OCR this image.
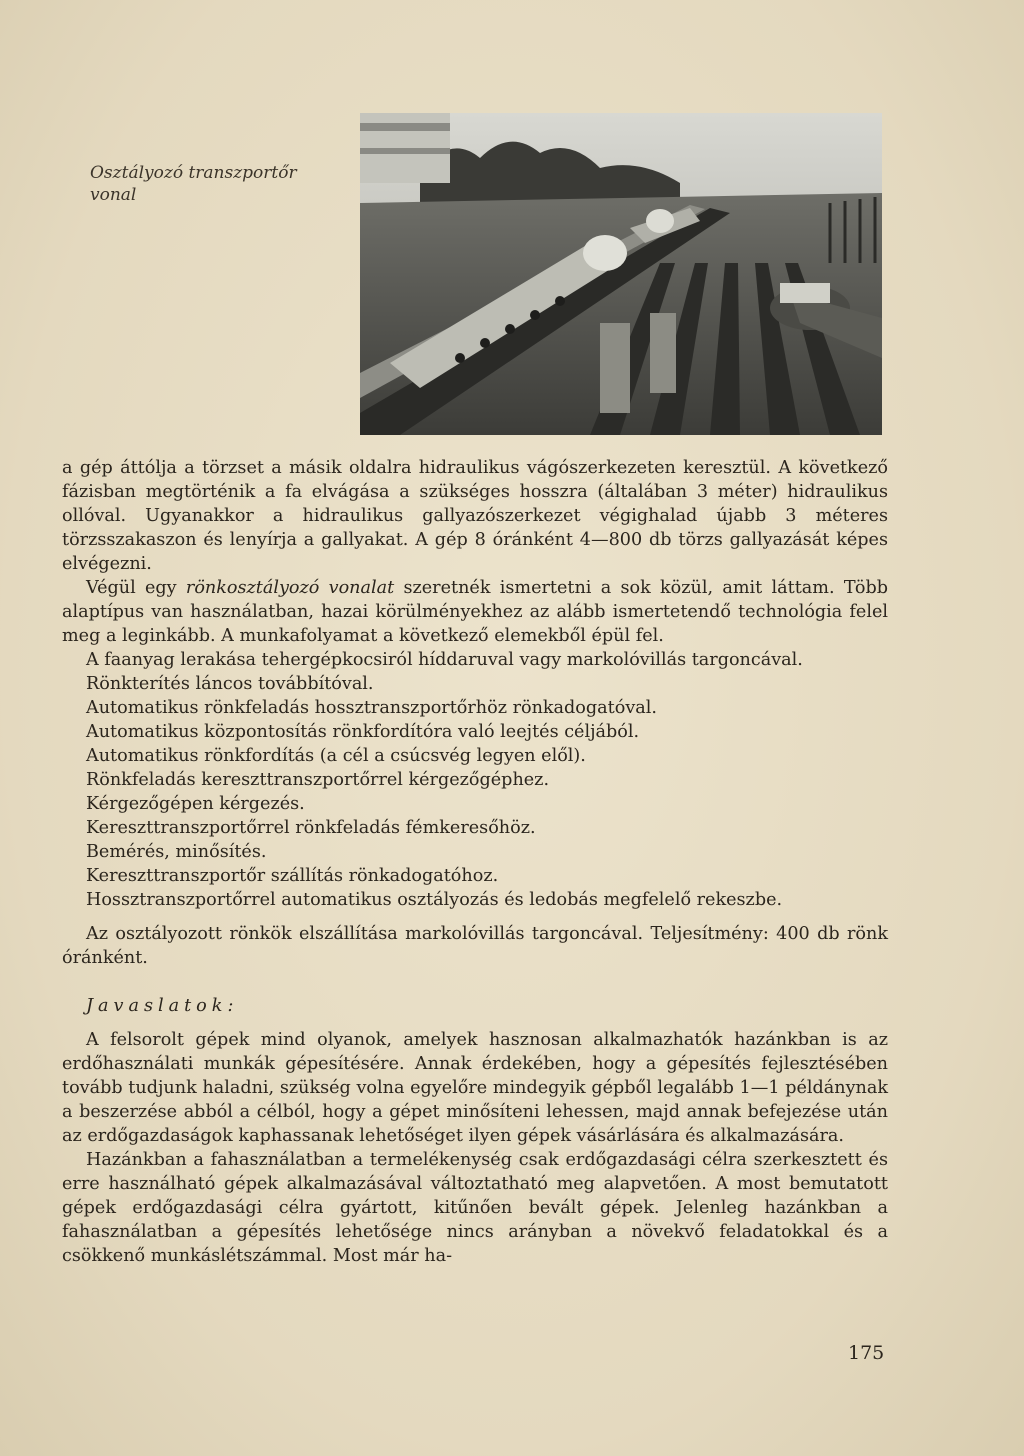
Osztályozó transzportőr
vonal

a gép áttólja a törzset a másik oldalra hidraulikus vágószerkezeten keresztül. A következő fázisban megtörténik a fa elvágása a szükséges hosszra (általában 3 méter) hidraulikus ollóval. Ugyanakkor a hidraulikus gallyazószerkezet végighalad újabb 3 méteres törzsszakaszon és lenyírja a gallyakat. A gép 8 óránként 4—800 db törzs gallyazását képes elvégezni.

Végül egy rönkosztályozó vonalat szeretnék ismertetni a sok közül, amit láttam. Több alaptípus van használatban, hazai körülményekhez az alább ismertetendő technológia felel meg a leginkább. A munkafolyamat a következő elemekből épül fel.

A faanyag lerakása tehergépkocsiról híddaruval vagy markolóvillás targoncával.

Rönkterítés láncos továbbítóval.

Automatikus rönkfeladás hossztranszportőrhöz rönkadogatóval.

Automatikus központosítás rönkfordítóra való leejtés céljából.

Automatikus rönkfordítás (a cél a csúcsvég legyen elől).

Rönkfeladás kereszttranszportőrrel kérgezőgéphez.

Kérgezőgépen kérgezés.

Kereszttranszportőrrel rönkfeladás fémkeresőhöz.

Bemérés, minősítés.

Kereszttranszportőr szállítás rönkadogatóhoz.

Hossztranszportőrrel automatikus osztályozás és ledobás megfelelő rekeszbe.

Az osztályozott rönkök elszállítása markolóvillás targoncával. Teljesítmény: 400 db rönk óránként.

Javaslatok:

A felsorolt gépek mind olyanok, amelyek hasznosan alkalmazhatók hazánkban is az erdőhasználati munkák gépesítésére. Annak érdekében, hogy a gépesítés fejlesztésében tovább tudjunk haladni, szükség volna egyelőre mindegyik gépből legalább 1—1 példánynak a beszerzése abból a célból, hogy a gépet minősíteni lehessen, majd annak befejezése után az erdőgazdaságok kaphassanak lehetőséget ilyen gépek vásárlására és alkalmazására.

Hazánkban a fahasználatban a termelékenység csak erdőgazdasági célra szerkesztett és erre használható gépek alkalmazásával változtatható meg alapvetően. A most bemutatott gépek erdőgazdasági célra gyártott, kitűnően bevált gépek. Jelenleg hazánkban a fahasználatban a gépesítés lehetősége nincs arányban a növekvő feladatokkal és a csökkenő munkáslétszámmal. Most már ha-

175
